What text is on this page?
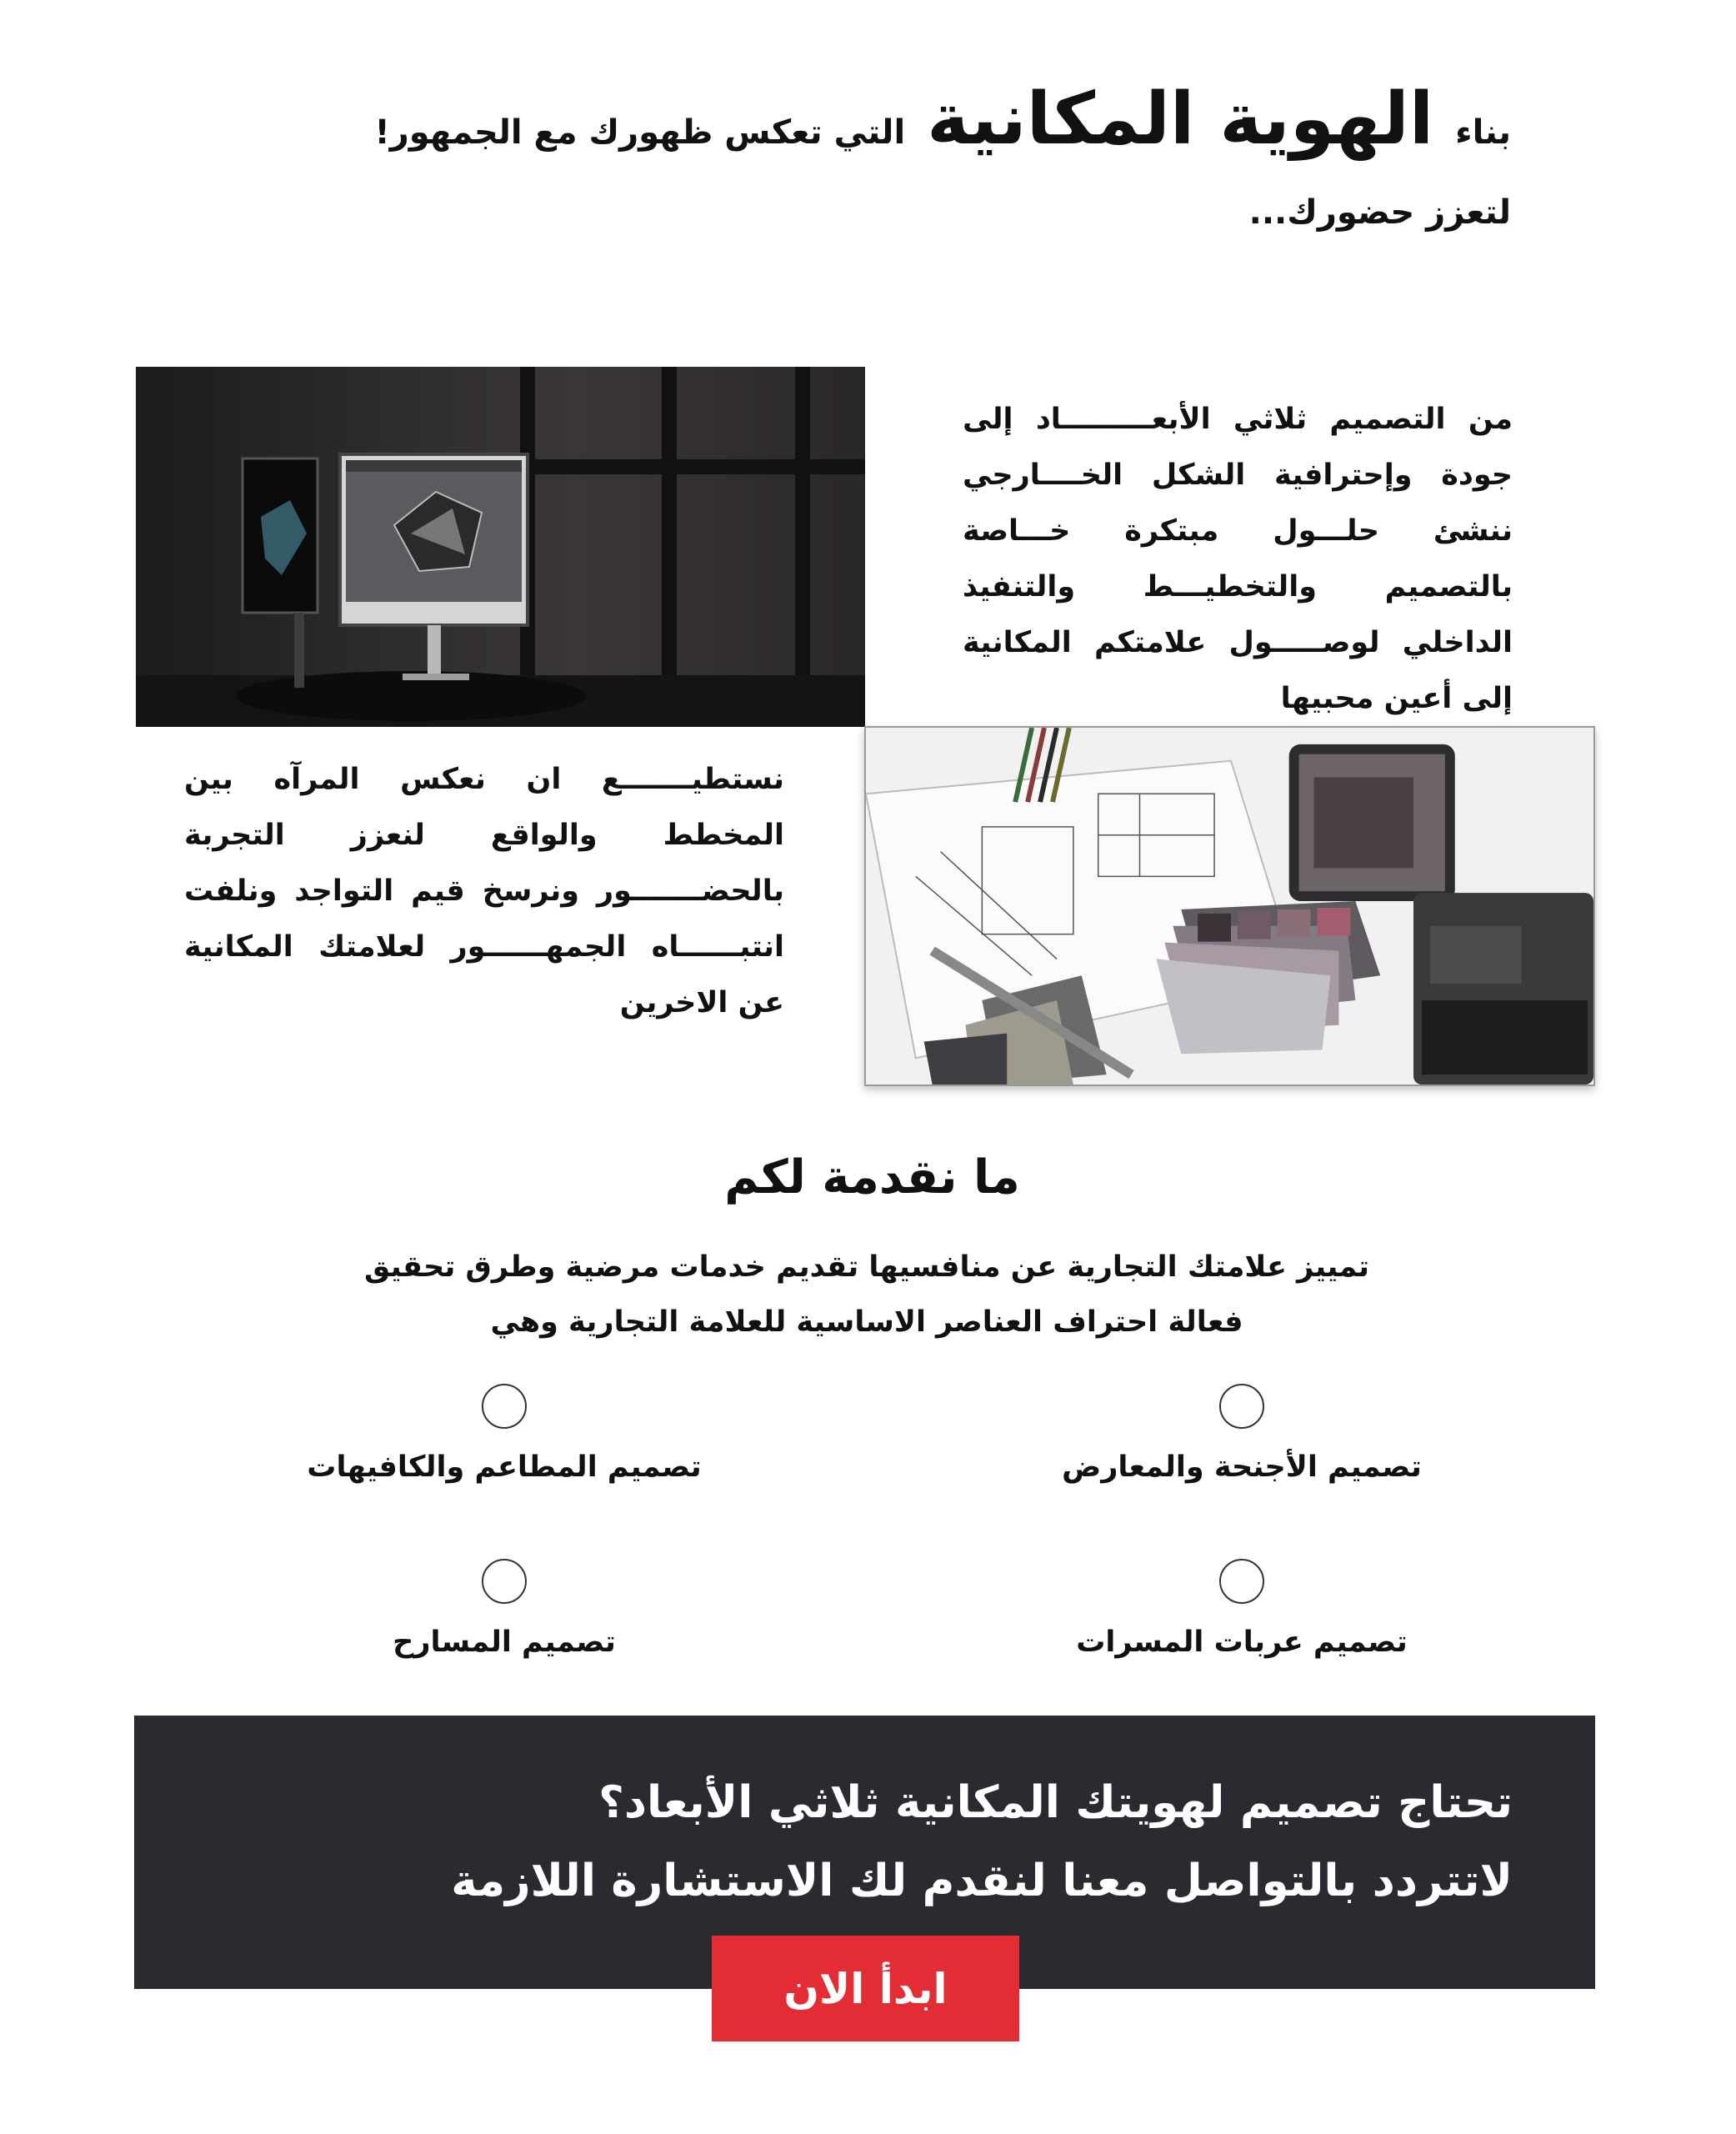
بناء الهوية المكانية التي تعكس ظهورك مع الجمهور!
لتعزز حضورك...

من التصميم ثلاثي الأبعـــــــــاد إلى جودة وإحترافية الشكل الخــــارجي ننشئ حلـــول مبتكرة خـــاصة بالتصميم والتخطيـــط والتنفيذ الداخلي لوصـــــول علامتكم المكانية إلى أعين محبيها

نستطيـــــــع ان نعكس المرآه بين المخطط والواقع لنعزز التجربة بالحضـــــــور ونرسخ قيم التواجد ونلفت انتبــــــاه الجمهــــــور لعلامتك المكانية عن الاخرين

ما نقدمة لكم

تمييز علامتك التجارية عن منافسيها تقديم خدمات مرضية وطرق تحقيق فعالة احتراف العناصر الاساسية للعلامة التجارية وهي

تصميم الأجنحة والمعارض
تصميم المطاعم والكافيهات
تصميم عربات المسرات
تصميم المسارح
تحتاج تصميم لهويتك المكانية ثلاثي الأبعاد؟
لاتتردد بالتواصل معنا لنقدم لك الاستشارة اللازمة
ابدأ الان
